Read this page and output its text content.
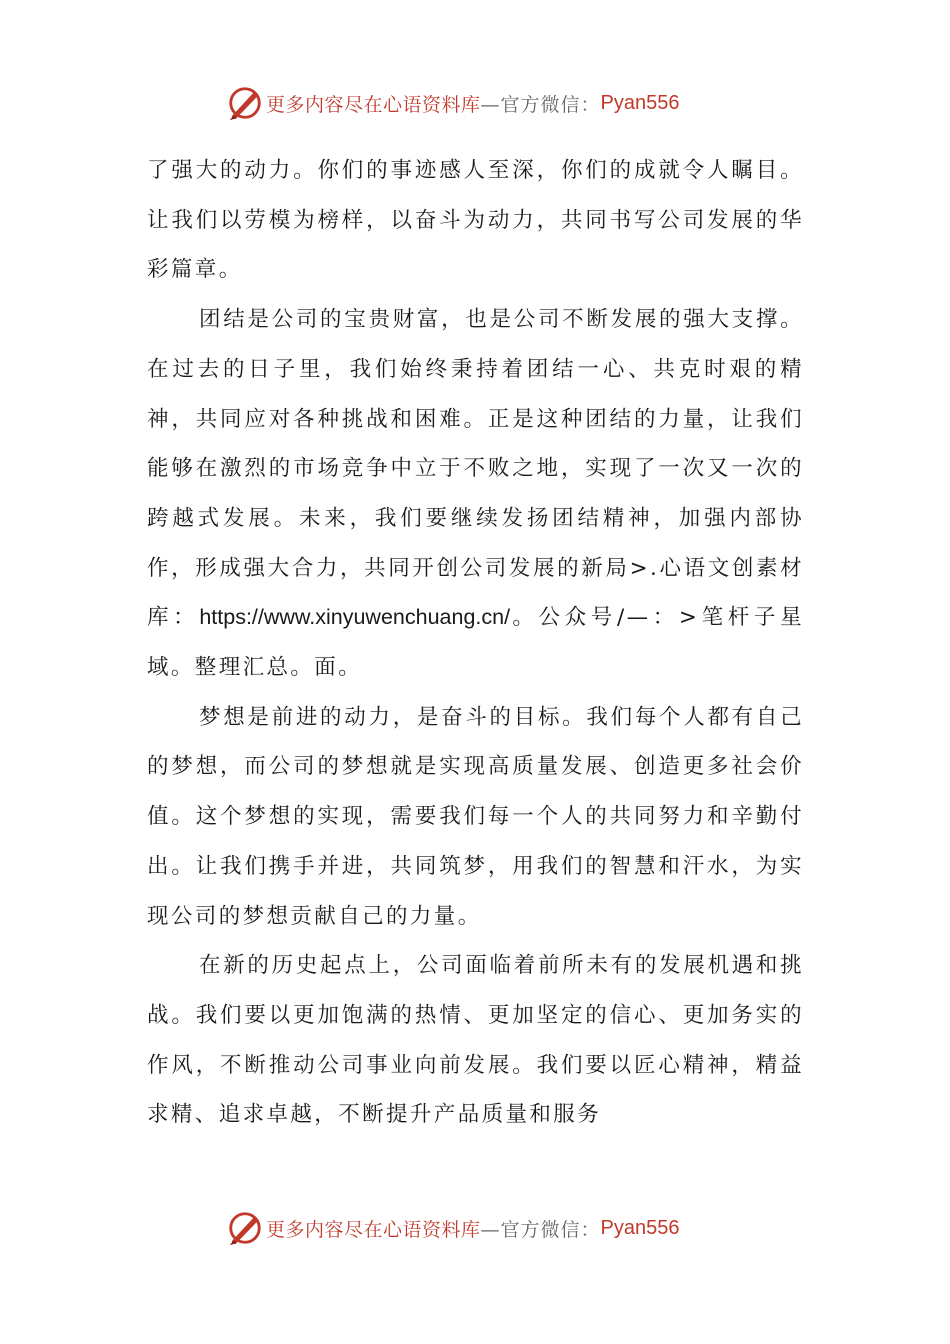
更多内容尽在心语资料库 —官方微信： Pyan556

了强大的动力。你们的事迹感人至深，你们的成就令人瞩目。让我们以劳模为榜样，以奋斗为动力，共同书写公司发展的华彩篇章。

团结是公司的宝贵财富，也是公司不断发展的强大支撑。在过去的日子里，我们始终秉持着团结一心、共克时艰的精神，共同应对各种挑战和困难。正是这种团结的力量，让我们能够在激烈的市场竞争中立于不败之地，实现了一次又一次的跨越式发展。未来，我们要继续发扬团结精神，加强内部协作，形成强大合力，共同开创公司发展的新局>.心语文创素材库：https://www.xinyuwenchuang.cn/。公众号/—：>笔杆子星域。整理汇总。面。

梦想是前进的动力，是奋斗的目标。我们每个人都有自己的梦想，而公司的梦想就是实现高质量发展、创造更多社会价值。这个梦想的实现，需要我们每一个人的共同努力和辛勤付出。让我们携手并进，共同筑梦，用我们的智慧和汗水，为实现公司的梦想贡献自己的力量。

在新的历史起点上，公司面临着前所未有的发展机遇和挑战。我们要以更加饱满的热情、更加坚定的信心、更加务实的作风，不断推动公司事业向前发展。我们要以匠心精神，精益求精、追求卓越，不断提升产品质量和服务

更多内容尽在心语资料库 —官方微信： Pyan556
